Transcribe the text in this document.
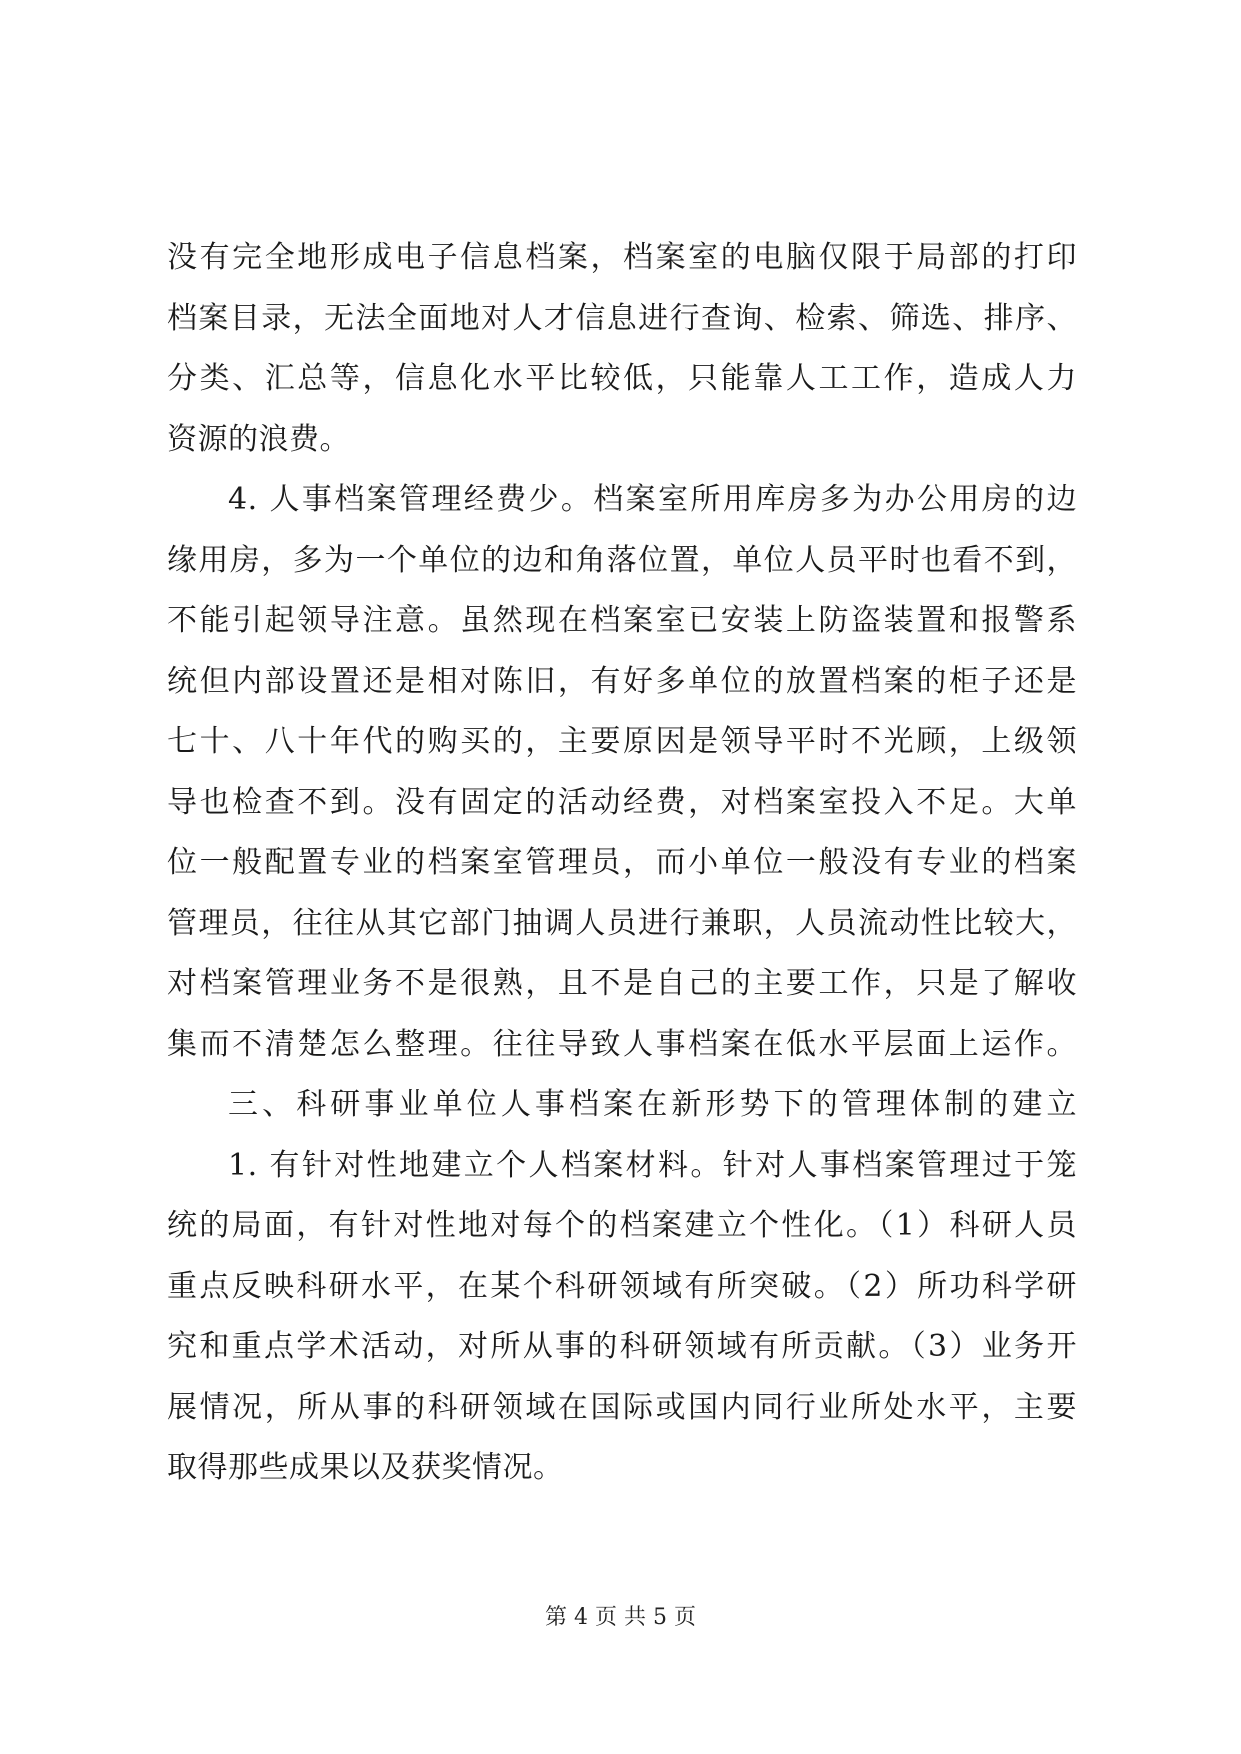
没有完全地形成电子信息档案，档案室的电脑仅限于局部的打印
档案目录，无法全面地对人才信息进行查询、检索、筛选、排序、
分类、汇总等，信息化水平比较低，只能靠人工工作，造成人力
资源的浪费。
4. 人事档案管理经费少。档案室所用库房多为办公用房的边
缘用房，多为一个单位的边和角落位置，单位人员平时也看不到，
不能引起领导注意。虽然现在档案室已安装上防盗装置和报警系
统但内部设置还是相对陈旧，有好多单位的放置档案的柜子还是
七十、八十年代的购买的，主要原因是领导平时不光顾，上级领
导也检查不到。没有固定的活动经费，对档案室投入不足。大单
位一般配置专业的档案室管理员，而小单位一般没有专业的档案
管理员，往往从其它部门抽调人员进行兼职，人员流动性比较大，
对档案管理业务不是很熟，且不是自己的主要工作，只是了解收
集而不清楚怎么整理。往往导致人事档案在低水平层面上运作。
三、科研事业单位人事档案在新形势下的管理体制的建立
1. 有针对性地建立个人档案材料。针对人事档案管理过于笼
统的局面，有针对性地对每个的档案建立个性化。（1）科研人员
重点反映科研水平，在某个科研领域有所突破。（2）所功科学研
究和重点学术活动，对所从事的科研领域有所贡献。（3）业务开
展情况，所从事的科研领域在国际或国内同行业所处水平，主要
取得那些成果以及获奖情况。
第 4 页 共 5 页
